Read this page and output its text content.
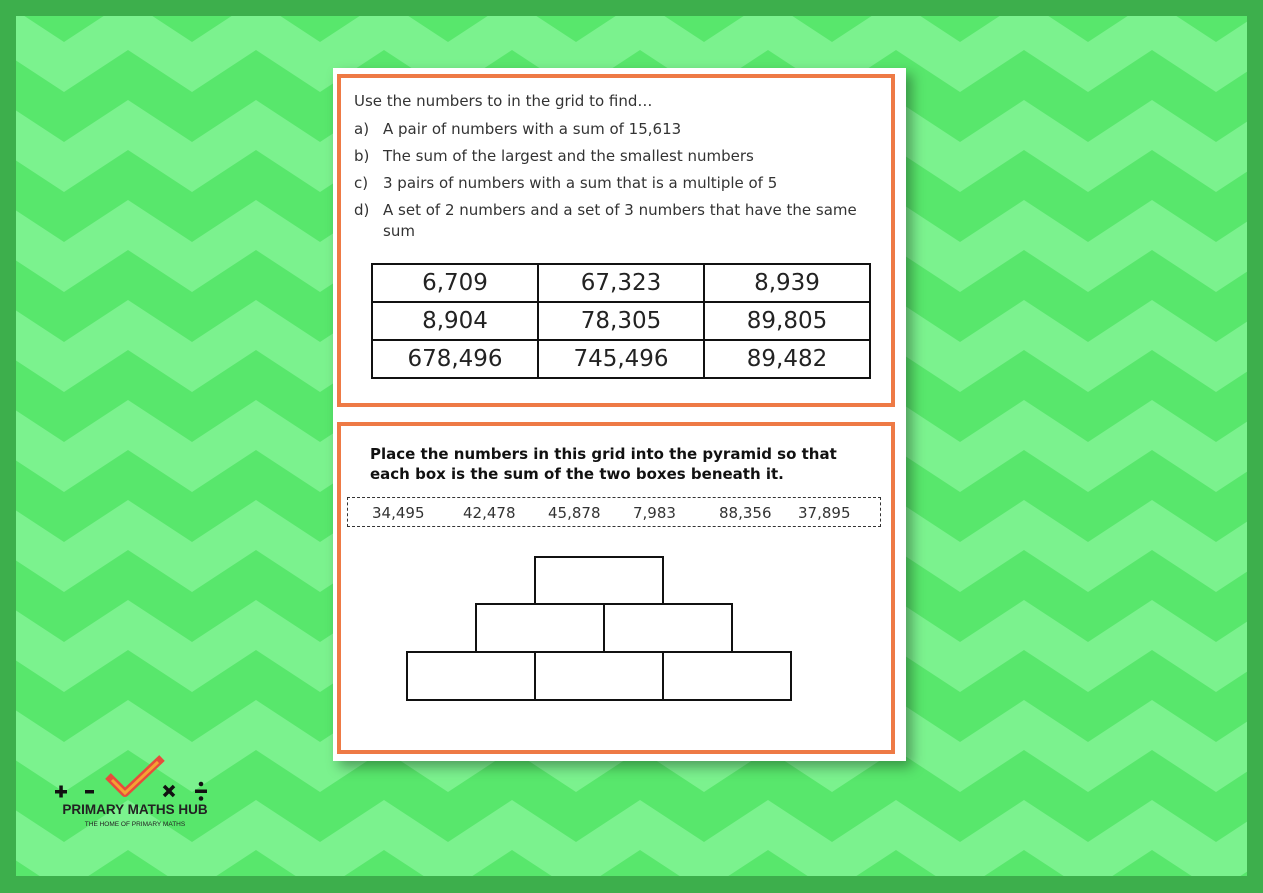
Use the numbers to in the grid to find…
a) A pair of numbers with a sum of 15,613
b) The sum of the largest and the smallest numbers
c) 3 pairs of numbers with a sum that is a multiple of 5
d) A set of 2 numbers and a set of 3 numbers that have the same sum
6,709	67,323	8,939
8,904	78,305	89,805
678,496	745,496	89,482
Place the numbers in this grid into the pyramid so that each box is the sum of the two boxes beneath it.
34,495	42,478 45,878 7,983	88,356 37,895
PRIMARY MATHS HUB
THE HOME OF PRIMARY MATHS
